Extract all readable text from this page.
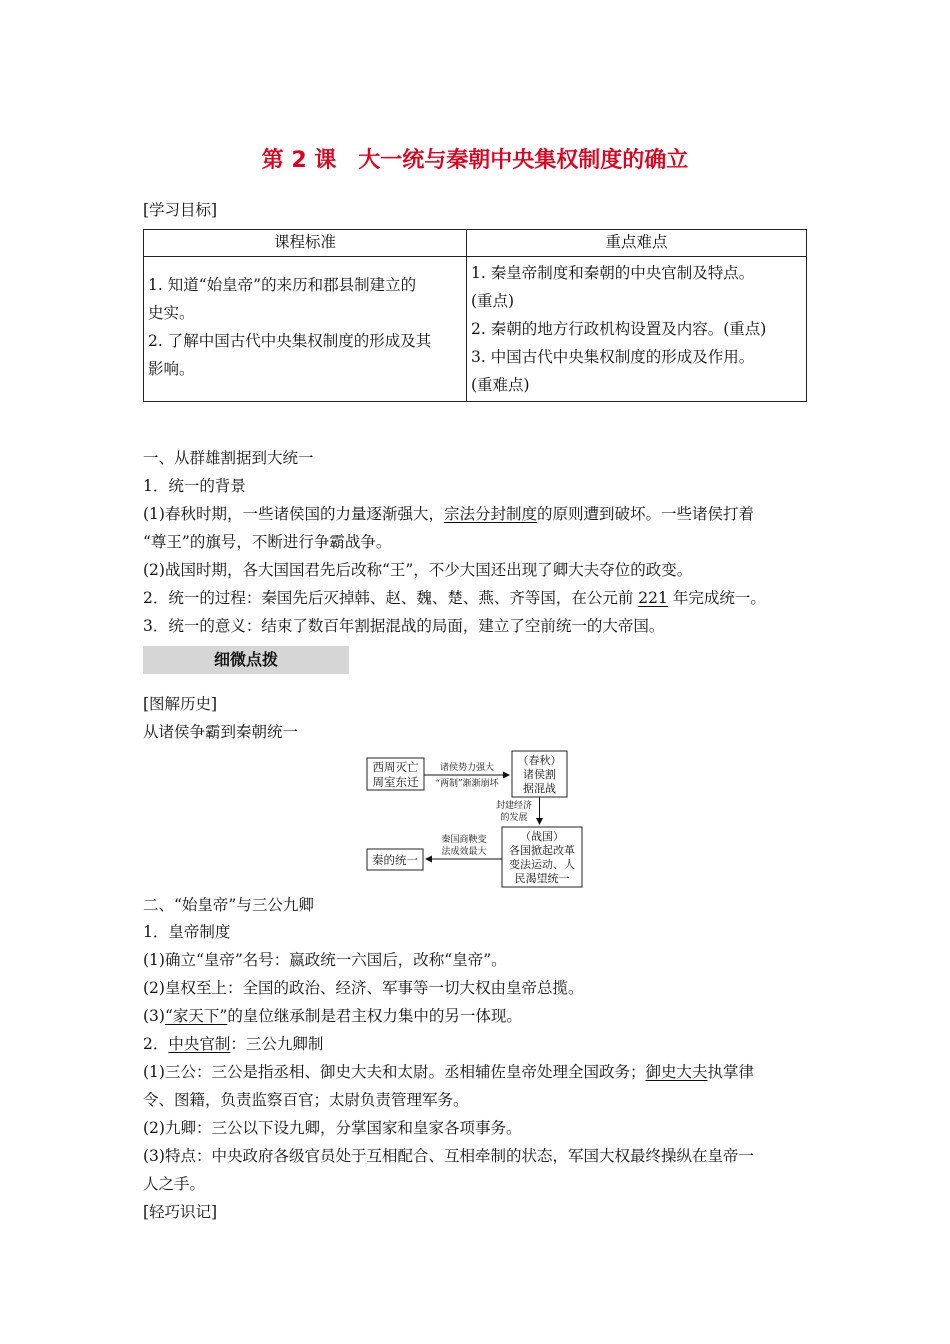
第 2 课　大一统与秦朝中央集权制度的确立
[学习目标]
课程标准	重点难点

1. 知道“始皇帝”的来历和郡县制建立的
史实。
2. 了解中国古代中央集权制度的形成及其
影响。	1. 秦皇帝制度和秦朝的中央官制及特点。
(重点)
2. 秦朝的地方行政机构设置及内容。(重点)
3. 中国古代中央集权制度的形成及作用。
(重难点)
一、从群雄割据到大统一
1．统一的背景
(1)春秋时期，一些诸侯国的力量逐渐强大，宗法分封制度的原则遭到破坏。一些诸侯打着
“尊王”的旗号，不断进行争霸战争。
(2)战国时期，各大国国君先后改称“王”，不少大国还出现了卿大夫夺位的政变。
2．统一的过程：秦国先后灭掉韩、赵、魏、楚、燕、齐等国，在公元前 221 年完成统一。
3．统一的意义：结束了数百年割据混战的局面，建立了空前统一的大帝国。
细微点拨
[图解历史]
从诸侯争霸到秦朝统一
西周灭亡
周室东迁
诸侯势力强大
“两制”渐渐崩坏
（春秋）
诸侯割
据混战
封建经济
的发展
（战国）
各国掀起改革
变法运动、人
民渴望统一
秦国商鞅变
法成效最大
秦的统一
二、“始皇帝”与三公九卿
1．皇帝制度
(1)确立“皇帝”名号：嬴政统一六国后，改称“皇帝”。
(2)皇权至上：全国的政治、经济、军事等一切大权由皇帝总揽。
(3)“家天下”的皇位继承制是君主权力集中的另一体现。
2．中央官制：三公九卿制
(1)三公：三公是指丞相、御史大夫和太尉。丞相辅佐皇帝处理全国政务；御史大夫执掌律
令、图籍，负责监察百官；太尉负责管理军务。
(2)九卿：三公以下设九卿，分掌国家和皇家各项事务。
(3)特点：中央政府各级官员处于互相配合、互相牵制的状态，军国大权最终操纵在皇帝一
人之手。
[轻巧识记]
